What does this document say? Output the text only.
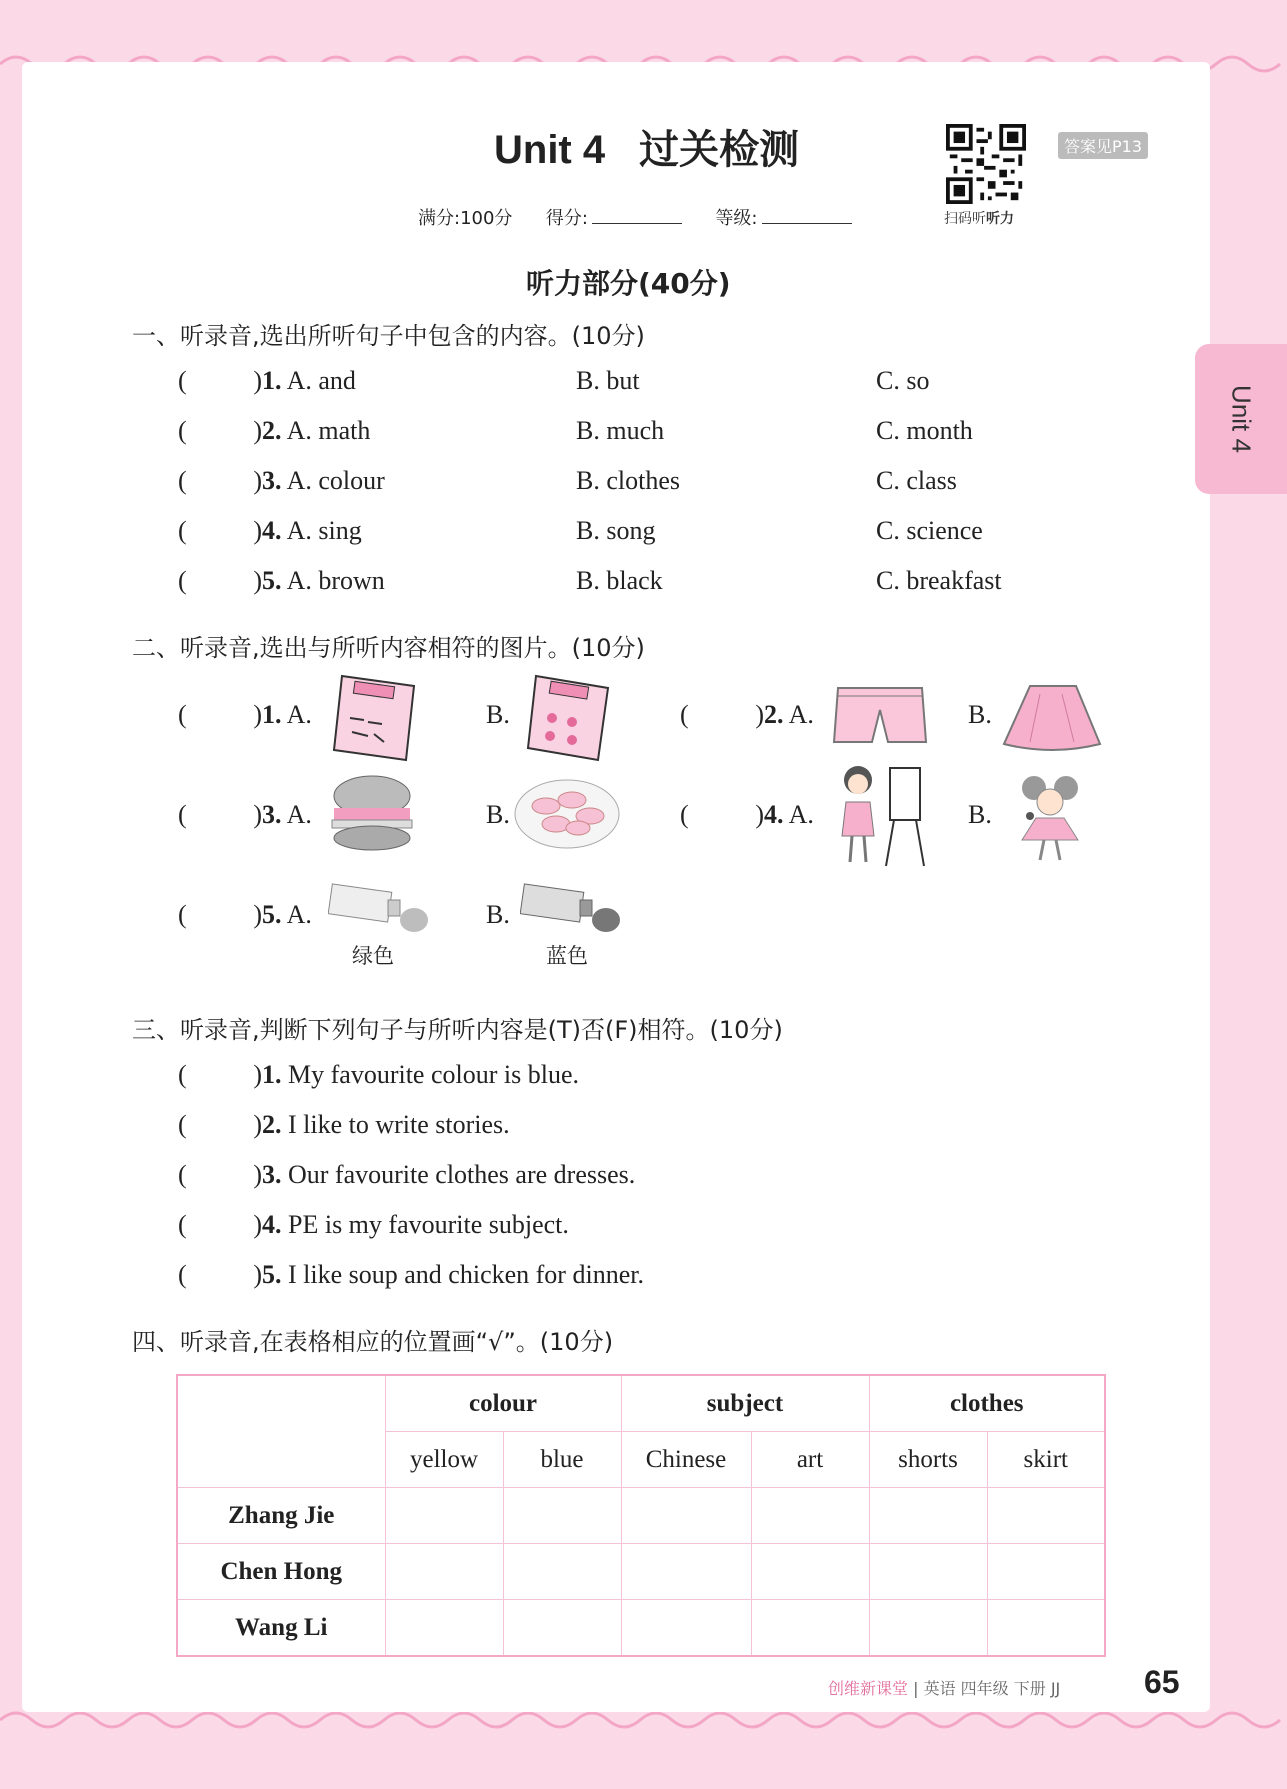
Unit 4
Unit 4 过关检测
扫码听听力
答案见P13
满分:100分 得分:	等级:
听力部分(40分)
一、听录音,选出所听句子中包含的内容。(10分)
( )1. A. and	B. but	C. so
( )2. A. math	B. much	C. month
( )3. A. colour	B. clothes	C. class
( )4. A. sing	B. song	C. science
( )5. A. brown	B. black	C. breakfast
二、听录音,选出与所听内容相符的图片。(10分)
( )1. A.	B. ( )	2. A.	B.
( )3. A.	B. ( )	4. A.	B.
( )5. A.	B.
绿色	蓝色
三、听录音,判断下列句子与所听内容是(T)否(F)相符。(10分)
( )1. My favourite colour is blue.
( )2. I like to write stories.
( )3. Our favourite clothes are dresses.
( )4. PE is my favourite subject.
( )5. I like soup and chicken for dinner.
四、听录音,在表格相应的位置画“√”。(10分)
	colour		subject		clothes	
	yellow	blue	Chinese	art	shorts	skirt
Zhang Jie						
Chen Hong						
Wang Li						
创维新课堂 | 英语 四年级 下册 JJ	65
